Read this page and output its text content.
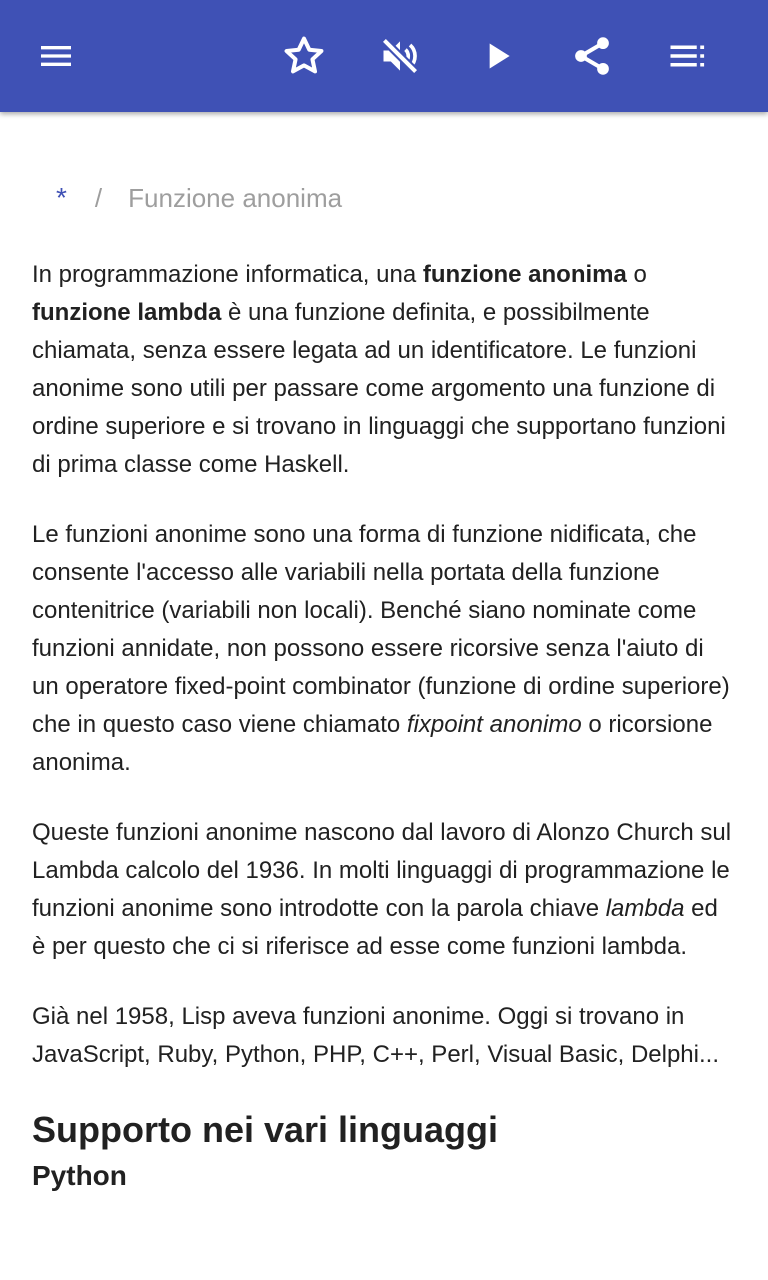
* / Funzione anonima

In programmazione informatica, una funzione anonima o funzione lambda è una funzione definita, e possibilmente chiamata, senza essere legata ad un identificatore. Le funzioni anonime sono utili per passare come argomento una funzione di ordine superiore e si trovano in linguaggi che supportano funzioni di prima classe come Haskell.

Le funzioni anonime sono una forma di funzione nidificata, che consente l'accesso alle variabili nella portata della funzione contenitrice (variabili non locali). Benché siano nominate come funzioni annidate, non possono essere ricorsive senza l'aiuto di un operatore fixed-point combinator (funzione di ordine superiore) che in questo caso viene chiamato fixpoint anonimo o ricorsione anonima.

Queste funzioni anonime nascono dal lavoro di Alonzo Church sul Lambda calcolo del 1936. In molti linguaggi di programmazione le funzioni anonime sono introdotte con la parola chiave lambda ed è per questo che ci si riferisce ad esse come funzioni lambda.

Già nel 1958, Lisp aveva funzioni anonime. Oggi si trovano in JavaScript, Ruby, Python, PHP, C++, Perl, Visual Basic, Delphi...

Supporto nei vari linguaggi
Python
